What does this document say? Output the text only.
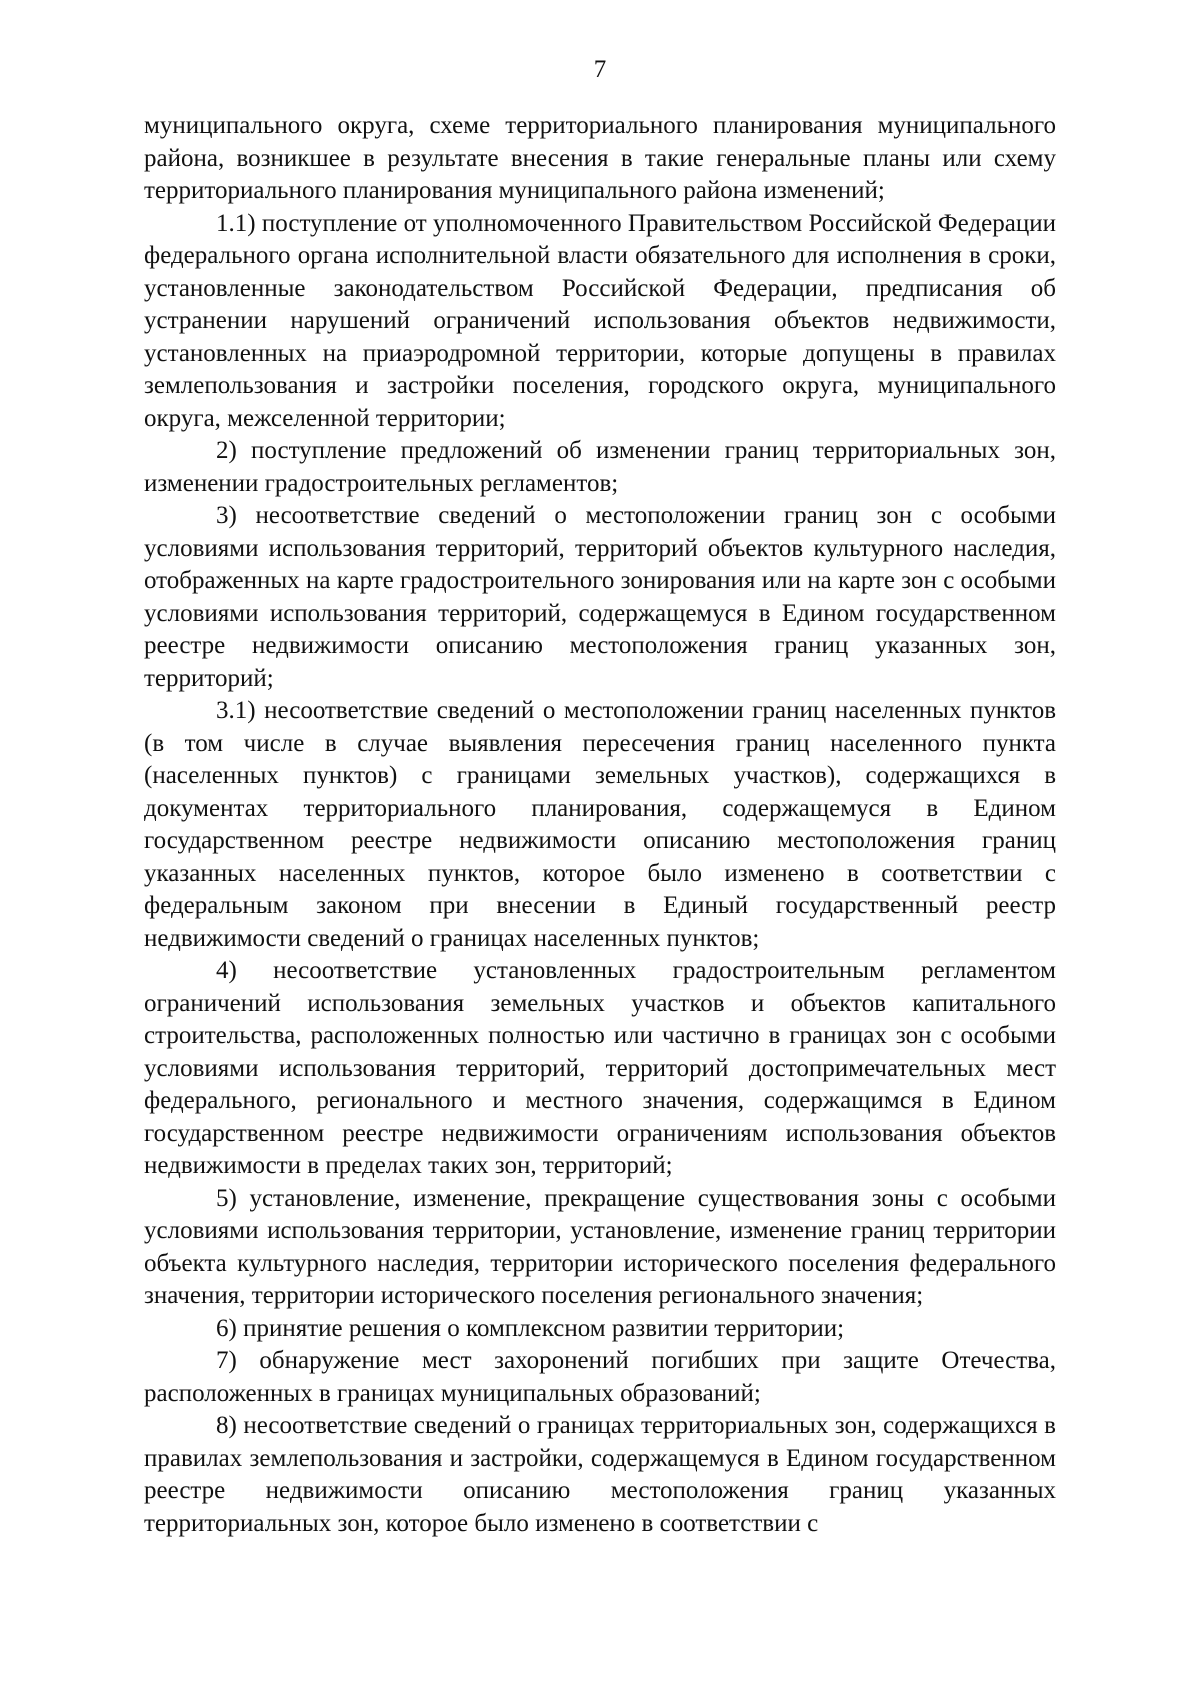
7

муниципального округа, схеме территориального планирования муниципального района, возникшее в результате внесения в такие генеральные планы или схему территориального планирования муниципального района изменений;

1.1) поступление от уполномоченного Правительством Российской Федерации федерального органа исполнительной власти обязательного для исполнения в сроки, установленные законодательством Российской Федерации, предписания об устранении нарушений ограничений использования объектов недвижимости, установленных на приаэродромной территории, которые допущены в правилах землепользования и застройки поселения, городского округа, муниципального округа, межселенной территории;

2) поступление предложений об изменении границ территориальных зон, изменении градостроительных регламентов;

3) несоответствие сведений о местоположении границ зон с особыми условиями использования территорий, территорий объектов культурного наследия, отображенных на карте градостроительного зонирования или на карте зон с особыми условиями использования территорий, содержащемуся в Едином государственном реестре недвижимости описанию местоположения границ указанных зон, территорий;

3.1) несоответствие сведений о местоположении границ населенных пунктов (в том числе в случае выявления пересечения границ населенного пункта (населенных пунктов) с границами земельных участков), содержащихся в документах территориального планирования, содержащемуся в Едином государственном реестре недвижимости описанию местоположения границ указанных населенных пунктов, которое было изменено в соответствии с федеральным законом при внесении в Единый государственный реестр недвижимости сведений о границах населенных пунктов;

4) несоответствие установленных градостроительным регламентом ограничений использования земельных участков и объектов капитального строительства, расположенных полностью или частично в границах зон с особыми условиями использования территорий, территорий достопримечательных мест федерального, регионального и местного значения, содержащимся в Едином государственном реестре недвижимости ограничениям использования объектов недвижимости в пределах таких зон, территорий;

5) установление, изменение, прекращение существования зоны с особыми условиями использования территории, установление, изменение границ территории объекта культурного наследия, территории исторического поселения федерального значения, территории исторического поселения регионального значения;

6) принятие решения о комплексном развитии территории;

7) обнаружение мест захоронений погибших при защите Отечества, расположенных в границах муниципальных образований;

8) несоответствие сведений о границах территориальных зон, содержащихся в правилах землепользования и застройки, содержащемуся в Едином государственном реестре недвижимости описанию местоположения границ указанных территориальных зон, которое было изменено в соответствии с
